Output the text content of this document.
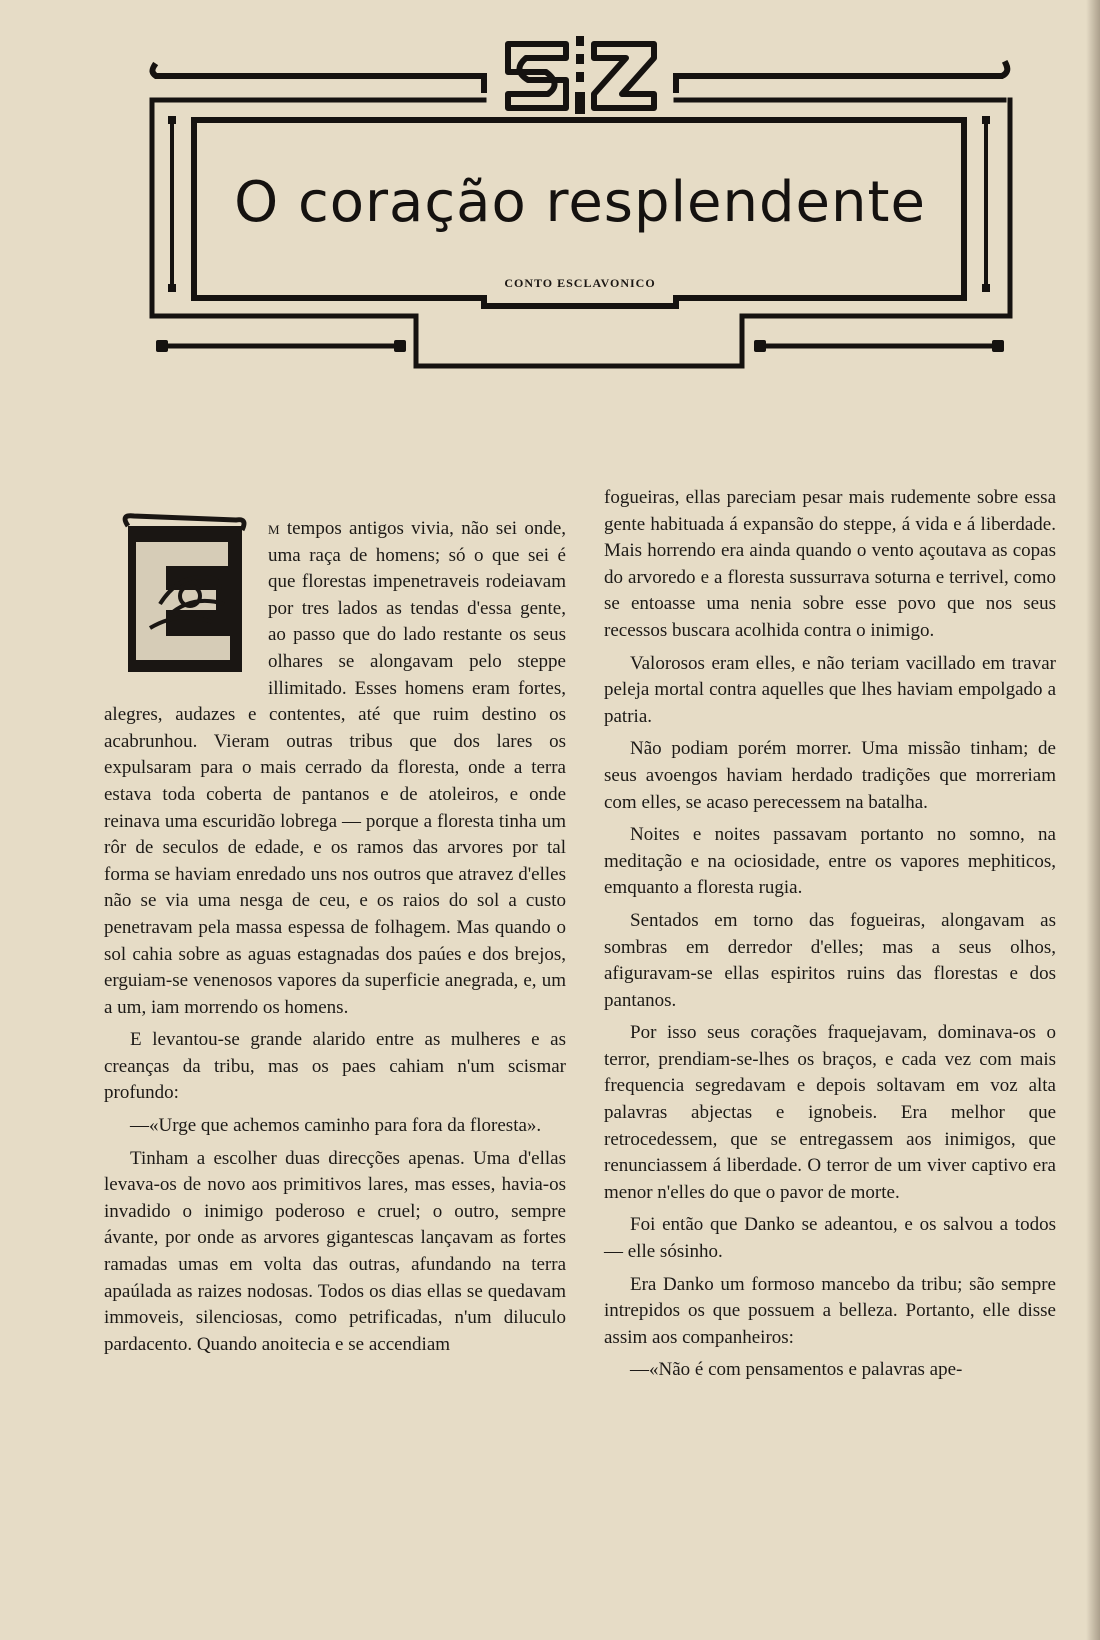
O coração resplendente
CONTO ESCLAVONICO

m tempos antigos vivia, não sei onde, uma raça de homens; só o que sei é que florestas impenetraveis rodeiavam por tres lados as tendas d'essa gente, ao passo que do lado restante os seus olhares se alongavam pelo steppe illimitado. Esses homens eram fortes, alegres, audazes e contentes, até que ruim destino os acabrunhou. Vieram outras tribus que dos lares os expulsaram para o mais cerrado da floresta, onde a terra estava toda coberta de pantanos e de atoleiros, e onde reinava uma escuridão lobrega — porque a floresta tinha um rôr de seculos de edade, e os ramos das arvores por tal forma se haviam enredado uns nos outros que atravez d'elles não se via uma nesga de ceu, e os raios do sol a custo penetravam pela massa espessa de folhagem. Mas quando o sol cahia sobre as aguas estagnadas dos paúes e dos brejos, erguiam-se venenosos vapores da superficie anegrada, e, um a um, iam morrendo os homens.

E levantou-se grande alarido entre as mulheres e as creanças da tribu, mas os paes cahiam n'um scismar profundo:

—«Urge que achemos caminho para fora da floresta».

Tinham a escolher duas direcções apenas. Uma d'ellas levava-os de novo aos primitivos lares, mas esses, havia-os invadido o inimigo poderoso e cruel; o outro, sempre ávante, por onde as arvores gigantescas lançavam as fortes ramadas umas em volta das outras, afundando na terra apaúlada as raizes nodosas. Todos os dias ellas se quedavam immoveis, silenciosas, como petrificadas, n'um diluculo pardacento. Quando anoitecia e se accendiam

fogueiras, ellas pareciam pesar mais rudemente sobre essa gente habituada á expansão do steppe, á vida e á liberdade. Mais horrendo era ainda quando o vento açoutava as copas do arvoredo e a floresta sussurrava soturna e terrivel, como se entoasse uma nenia sobre esse povo que nos seus recessos buscara acolhida contra o inimigo.

Valorosos eram elles, e não teriam vacillado em travar peleja mortal contra aquelles que lhes haviam empolgado a patria.

Não podiam porém morrer. Uma missão tinham; de seus avoengos haviam herdado tradições que morreriam com elles, se acaso perecessem na batalha.

Noites e noites passavam portanto no somno, na meditação e na ociosidade, entre os vapores mephiticos, emquanto a floresta rugia.

Sentados em torno das fogueiras, alongavam as sombras em derredor d'elles; mas a seus olhos, afiguravam-se ellas espiritos ruins das florestas e dos pantanos.

Por isso seus corações fraquejavam, dominava-os o terror, prendiam-se-lhes os braços, e cada vez com mais frequencia segredavam e depois soltavam em voz alta palavras abjectas e ignobeis. Era melhor que retrocedessem, que se entregassem aos inimigos, que renunciassem á liberdade. O terror de um viver captivo era menor n'elles do que o pavor de morte.

Foi então que Danko se adeantou, e os salvou a todos — elle sósinho.

Era Danko um formoso mancebo da tribu; são sempre intrepidos os que possuem a belleza. Portanto, elle disse assim aos companheiros:

—«Não é com pensamentos e palavras ape-
